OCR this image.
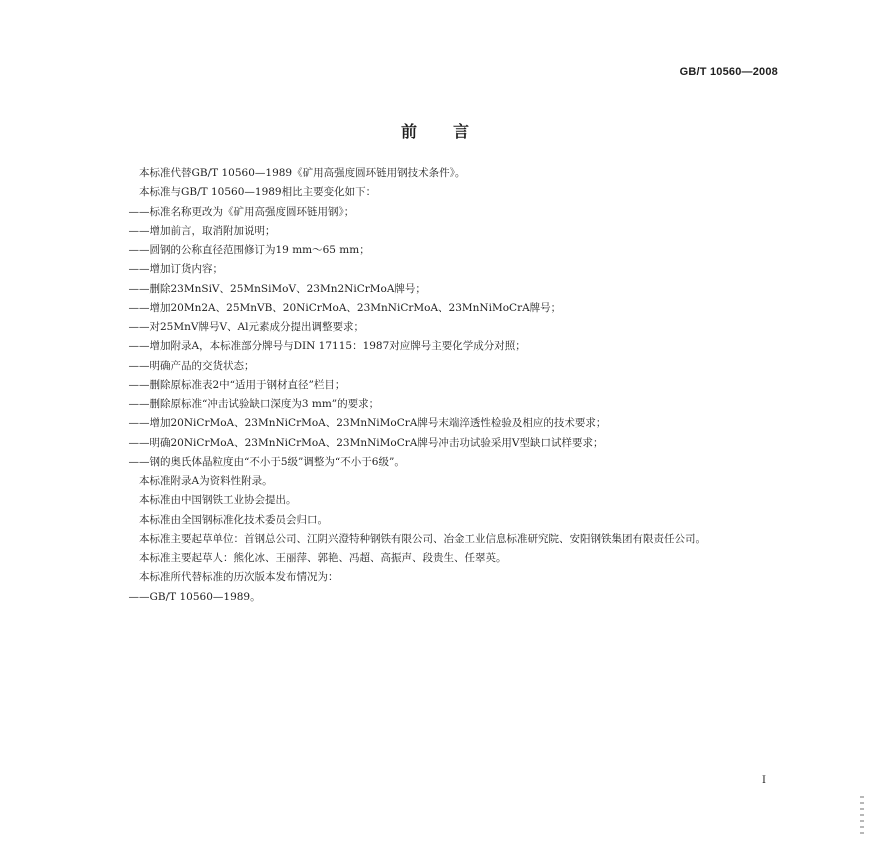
GB/T 10560—2008
前言

本标准代替GB/T 10560—1989《矿用高强度圆环链用钢技术条件》。

本标准与GB/T 10560—1989相比主要变化如下：

——标准名称更改为《矿用高强度圆环链用钢》；

——增加前言，取消附加说明；

——圆钢的公称直径范围修订为19 mm～65 mm；

——增加订货内容；

——删除23MnSiV、25MnSiMoV、23Mn2NiCrMoA牌号；

——增加20Mn2A、25MnVB、20NiCrMoA、23MnNiCrMoA、23MnNiMoCrA牌号；

——对25MnV牌号V、Al元素成分提出调整要求；

——增加附录A，本标准部分牌号与DIN 17115：1987对应牌号主要化学成分对照；

——明确产品的交货状态；

——删除原标准表2中“适用于钢材直径”栏目；

——删除原标准“冲击试验缺口深度为3 mm”的要求；

——增加20NiCrMoA、23MnNiCrMoA、23MnNiMoCrA牌号末端淬透性检验及相应的技术要求；

——明确20NiCrMoA、23MnNiCrMoA、23MnNiMoCrA牌号冲击功试验采用V型缺口试样要求；

——钢的奥氏体晶粒度由“不小于5级”调整为“不小于6级”。

本标准附录A为资料性附录。

本标准由中国钢铁工业协会提出。

本标准由全国钢标准化技术委员会归口。

本标准主要起草单位：首钢总公司、江阴兴澄特种钢铁有限公司、冶金工业信息标准研究院、安阳钢铁集团有限责任公司。

本标准主要起草人：熊化冰、王丽萍、郭艳、冯超、高振声、段贵生、任翠英。

本标准所代替标准的历次版本发布情况为：

——GB/T 10560—1989。

I
